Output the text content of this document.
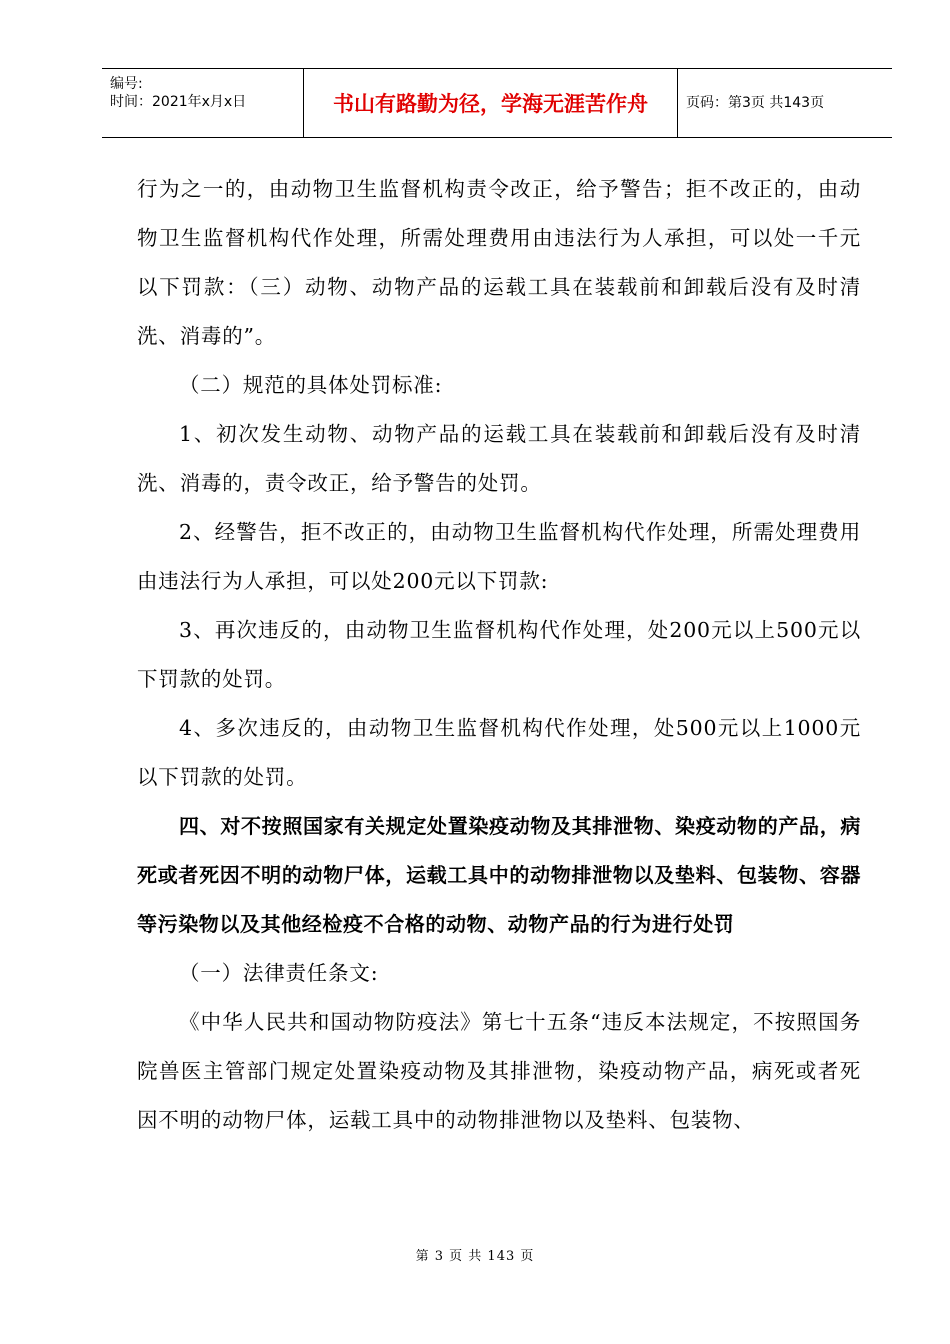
编号:
时间：2021年x月x日	书山有路勤为径，学海无涯苦作舟	页码：第3页 共143页

行为之一的，由动物卫生监督机构责令改正，给予警告；拒不改正的，由动物卫生监督机构代作处理，所需处理费用由违法行为人承担，可以处一千元以下罚款：（三）动物、动物产品的运载工具在装载前和卸载后没有及时清洗、消毒的”。

（二）规范的具体处罚标准:

1、初次发生动物、动物产品的运载工具在装载前和卸载后没有及时清洗、消毒的，责令改正，给予警告的处罚。

2、经警告，拒不改正的，由动物卫生监督机构代作处理，所需处理费用由违法行为人承担，可以处200元以下罚款:

3、再次违反的，由动物卫生监督机构代作处理，处200元以上500元以下罚款的处罚。

4、多次违反的，由动物卫生监督机构代作处理，处500元以上1000元以下罚款的处罚。

四、对不按照国家有关规定处置染疫动物及其排泄物、染疫动物的产品，病死或者死因不明的动物尸体，运载工具中的动物排泄物以及垫料、包装物、容器等污染物以及其他经检疫不合格的动物、动物产品的行为进行处罚

（一）法律责任条文:

《中华人民共和国动物防疫法》第七十五条“违反本法规定，不按照国务院兽医主管部门规定处置染疫动物及其排泄物，染疫动物产品，病死或者死因不明的动物尸体，运载工具中的动物排泄物以及垫料、包装物、

第 3 页 共 143 页
